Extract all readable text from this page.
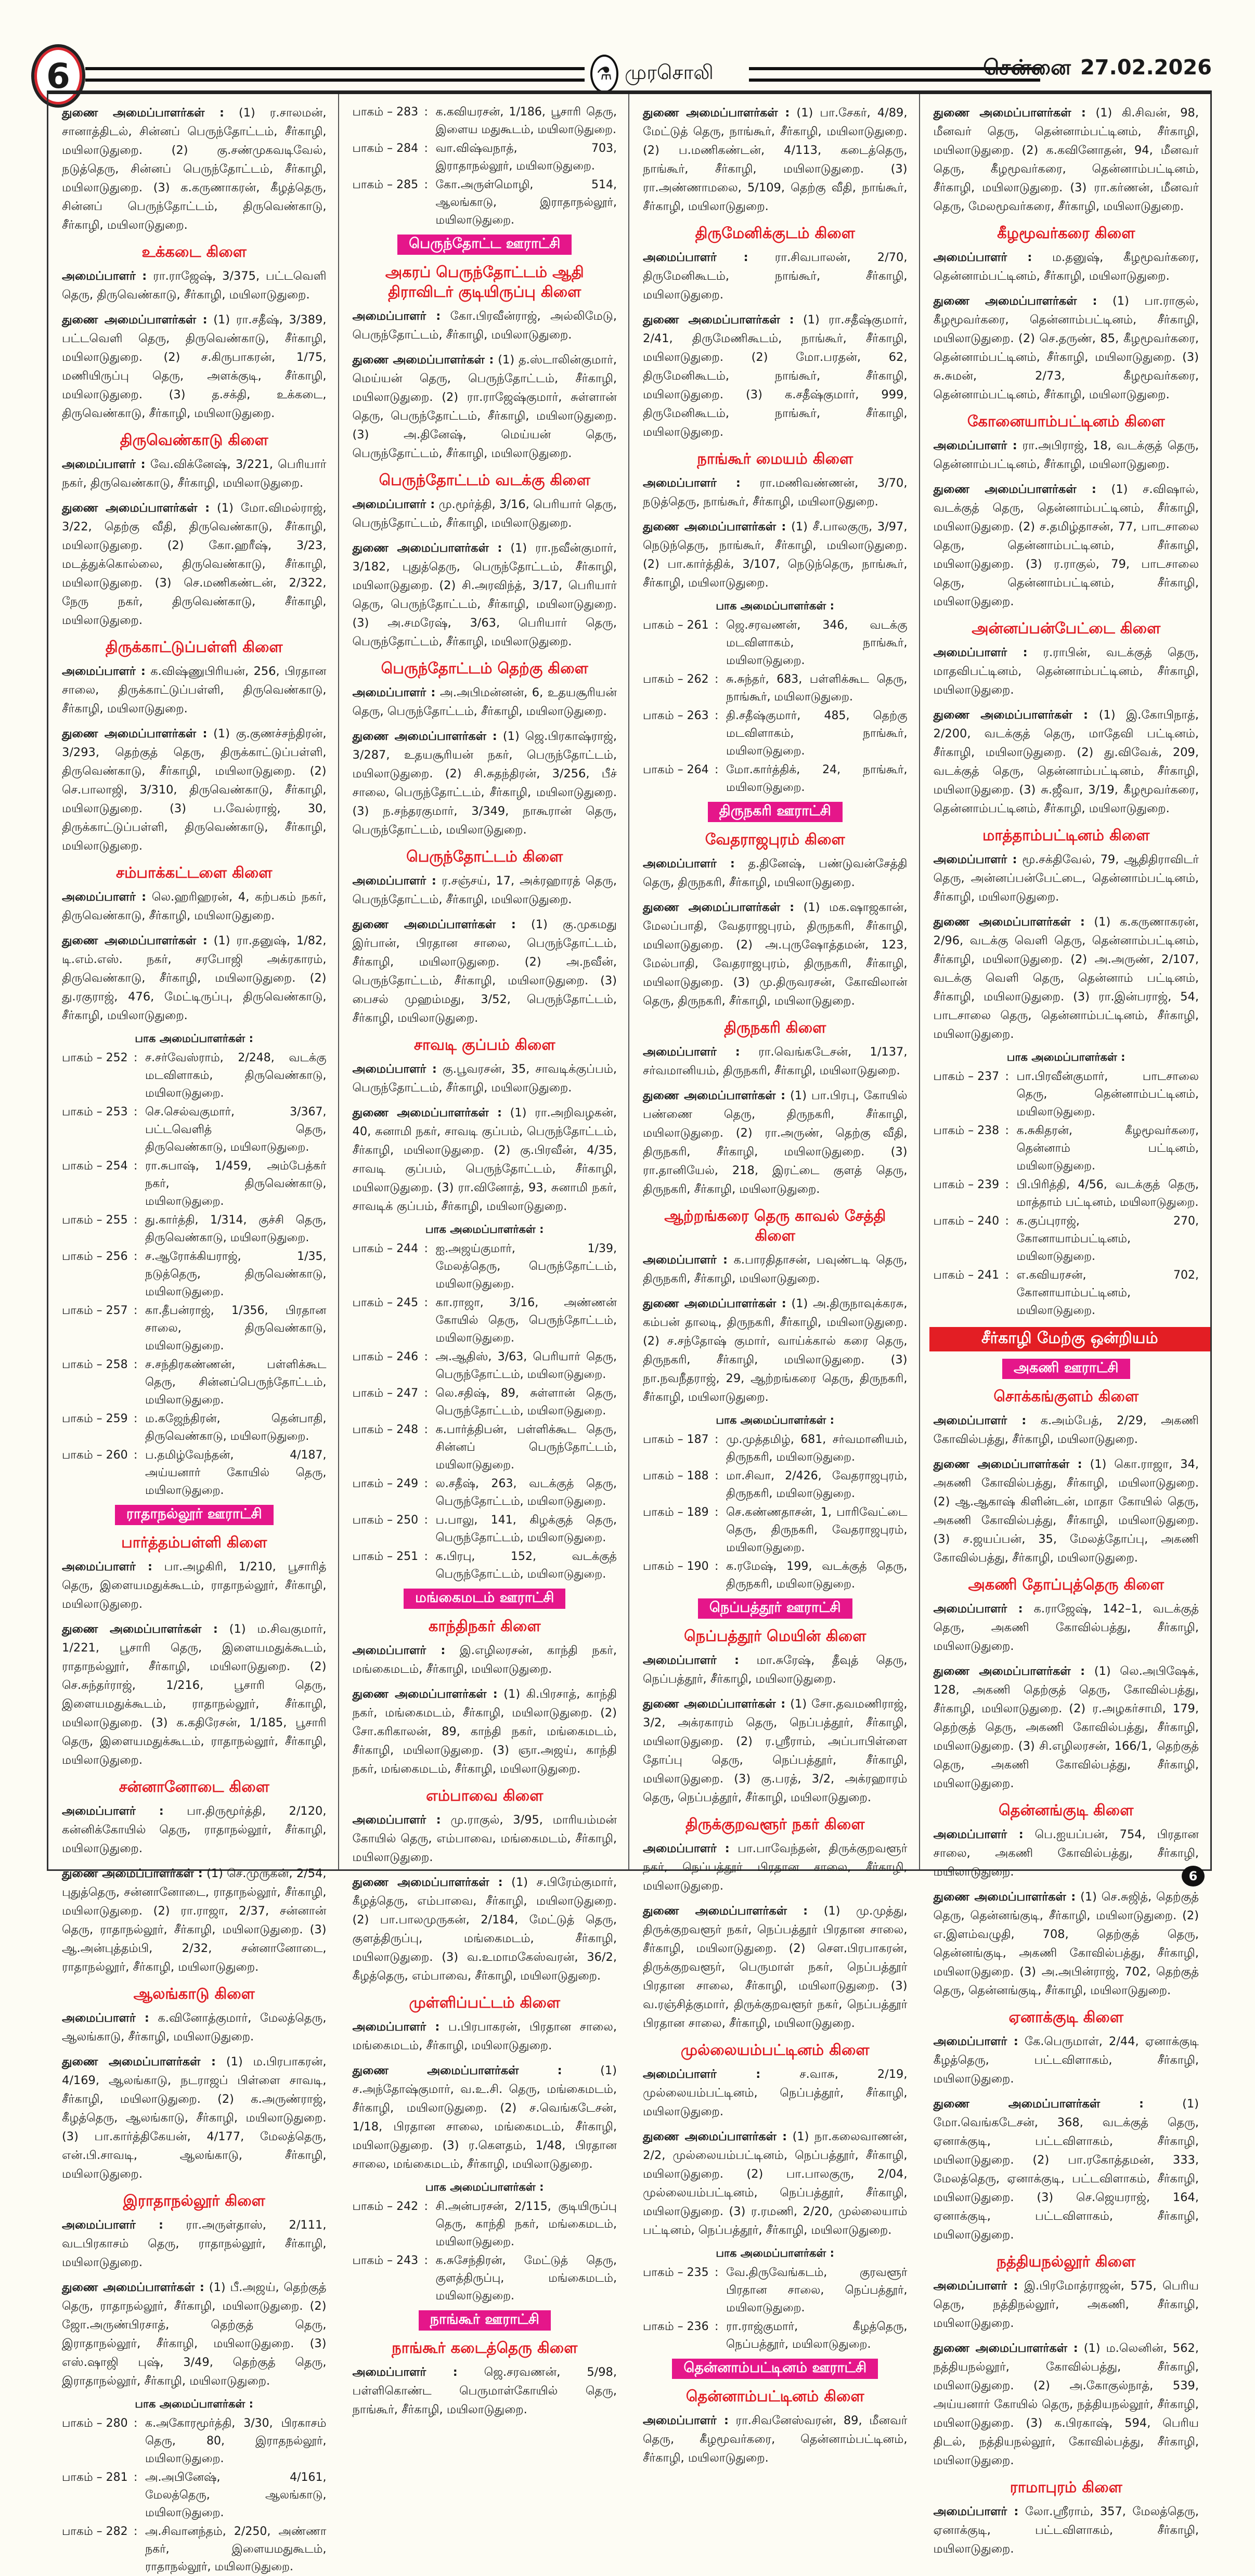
6	⚗ முரசொலி	சென்னை 27.02.2026
துணை அமைப்பாளர்கள் : (1) ர.சாலமன், சானாத்திடல், சின்னப் பெருந்தோட்டம், சீர்காழி, மயிலாடுதுறை. (2) கு.சண்முகவடிவேல், நடுத்தெரு, சின்னப் பெருந்தோட்டம், சீர்காழி, மயிலாடுதுறை. (3) க.கருணாகரன், கீழத்தெரு, சின்னப் பெருந்தோட்டம், திருவெண்காடு, சீர்காழி, மயிலாடுதுறை.
உக்கடை கிளை
அமைப்பாளர் : ரா.ராஜேஷ், 3/375, பட்டவெளி தெரு, திருவெண்காடு, சீர்காழி, மயிலாடுதுறை.
துணை அமைப்பாளர்கள் : (1) ரா.சதீஷ், 3/389, பட்டவெளி தெரு, திருவெண்காடு, சீர்காழி, மயிலாடுதுறை. (2) ச.கிருபாகரன், 1/75, மணியிருப்பு தெரு, அளக்குடி, சீர்காழி, மயிலாடுதுறை. (3) த.சக்தி, உக்கடை, திருவெண்காடு, சீர்காழி, மயிலாடுதுறை.
திருவெண்காடு கிளை
அமைப்பாளர் : வே.விக்னேஷ், 3/221, பெரியார் நகர், திருவெண்காடு, சீர்காழி, மயிலாடுதுறை.
துணை அமைப்பாளர்கள் : (1) மோ.விமல்ராஜ், 3/22, தெற்கு வீதி, திருவெண்காடு, சீர்காழி, மயிலாடுதுறை. (2) கோ.ஹரீஷ், 3/23, மடத்துக்கொல்லை, திருவெண்காடு, சீர்காழி, மயிலாடுதுறை. (3) செ.மணிகண்டன், 2/322, நேரு நகர், திருவெண்காடு, சீர்காழி, மயிலாடுதுறை.
திருக்காட்டுப்பள்ளி கிளை
அமைப்பாளர் : க.விஷ்ணுபிரியன், 256, பிரதான சாலை, திருக்காட்டுப்பள்ளி, திருவெண்காடு, சீர்காழி, மயிலாடுதுறை.
துணை அமைப்பாளர்கள் : (1) கு.குணச்சந்திரன், 3/293, தெற்குத் தெரு, திருக்காட்டுப்பள்ளி, திருவெண்காடு, சீர்காழி, மயிலாடுதுறை. (2) செ.பாலாஜி, 3/310, திருவெண்காடு, சீர்காழி, மயிலாடுதுறை. (3) ப.வேல்ராஜ், 30, திருக்காட்டுப்பள்ளி, திருவெண்காடு, சீர்காழி, மயிலாடுதுறை.
சம்பாக்கட்டளை கிளை
அமைப்பாளர் : லெ.ஹரிஹரன், 4, கற்பகம் நகர், திருவெண்காடு, சீர்காழி, மயிலாடுதுறை.
துணை அமைப்பாளர்கள் : (1) ரா.தனுஷ், 1/82, டி.எம்.எஸ். நகர், சரபோஜி அக்ரகாரம், திருவெண்காடு, சீர்காழி, மயிலாடுதுறை. (2) து.ரகுராஜ், 476, மேட்டிருப்பு, திருவெண்காடு, சீர்காழி, மயிலாடுதுறை.
பாக அமைப்பாளர்கள் :
பாகம் – 252 : ச.சர்வேஸ்ராம், 2/248, வடக்கு மடவிளாகம், திருவெண்காடு, மயிலாடுதுறை.
பாகம் – 253 : செ.செல்வகுமார், 3/367, பட்டவெளித் தெரு, திருவெண்காடு, மயிலாடுதுறை.
பாகம் – 254 : ரா.சுபாஷ், 1/459, அம்பேத்கர் நகர், திருவெண்காடு, மயிலாடுதுறை.
பாகம் – 255 : து.கார்த்தி, 1/314, குச்சி தெரு, திருவெண்காடு, மயிலாடுதுறை.
பாகம் – 256 : ச.ஆரோக்கியராஜ், 1/35, நடுத்தெரு, திருவெண்காடு, மயிலாடுதுறை.
பாகம் – 257 : கா.தீபன்ராஜ், 1/356, பிரதான சாலை, திருவெண்காடு, மயிலாடுதுறை.
பாகம் – 258 : ச.சந்திரகண்ணன், பள்ளிக்கூட தெரு, சின்னப்பெருந்தோட்டம், மயிலாடுதுறை.
பாகம் – 259 : ம.கஜேந்திரன், தென்பாதி, திருவெண்காடு, மயிலாடுதுறை.
பாகம் – 260 : ப.தமிழ்வேந்தன், 4/187, அய்யனார் கோயில் தெரு, மயிலாடுதுறை.
ராதாநல்லூர் ஊராட்சி
பார்த்தம்பள்ளி கிளை
அமைப்பாளர் : பா.அழகிரி, 1/210, பூசாரித் தெரு, இளையமதுக்கூடம், ராதாநல்லூர், சீர்காழி, மயிலாடுதுறை.
துணை அமைப்பாளர்கள் : (1) ம.சிவகுமார், 1/221, பூசாரி தெரு, இளையமதுக்கூடம், ராதாநல்லூர், சீர்காழி, மயிலாடுதுறை. (2) செ.சுந்தர்ராஜ், 1/216, பூசாரி தெரு, இளையமதுக்கூடம், ராதாநல்லூர், சீர்காழி, மயிலாடுதுறை. (3) க.கதிரேசன், 1/185, பூசாரி தெரு, இளையமதுக்கூடம், ராதாநல்லூர், சீர்காழி, மயிலாடுதுறை.
சன்னானோடை கிளை
அமைப்பாளர் : பா.திருமூர்த்தி, 2/120, கன்னிக்கோயில் தெரு, ராதாநல்லூர், சீர்காழி, மயிலாடுதுறை.
துணை அமைப்பாளர்கள் : (1) செ.முருகன், 2/54, புதுத்தெரு, சன்னானோடை, ராதாநல்லூர், சீர்காழி, மயிலாடுதுறை. (2) ரா.ராஜா, 2/37, சன்னான் தெரு, ராதாநல்லூர், சீர்காழி, மயிலாடுதுறை. (3) ஆ.அன்புத்தம்பி, 2/32, சன்னானோடை, ராதாநல்லூர், சீர்காழி, மயிலாடுதுறை.
ஆலங்காடு கிளை
அமைப்பாளர் : க.வினோத்குமார், மேலத்தெரு, ஆலங்காடு, சீர்காழி, மயிலாடுதுறை.
துணை அமைப்பாளர்கள் : (1) ம.பிரபாகரன், 4/169, ஆலங்காடு, நடராஜப் பிள்ளை சாவடி, சீர்காழி, மயிலாடுதுறை. (2) க.அருண்ராஜ், கீழத்தெரு, ஆலங்காடு, சீர்காழி, மயிலாடுதுறை. (3) பா.கார்த்திகேயன், 4/177, மேலத்தெரு, என்.பி.சாவடி, ஆலங்காடு, சீர்காழி, மயிலாடுதுறை.
இராதாநல்லூர் கிளை
அமைப்பாளர் : ரா.அருள்தாஸ், 2/111, வடபிரகாசம் தெரு, ராதாநல்லூர், சீர்காழி, மயிலாடுதுறை.
துணை அமைப்பாளர்கள் : (1) பீ.அஜய், தெற்குத் தெரு, ராதாநல்லூர், சீர்காழி, மயிலாடுதுறை. (2) ஜோ.அருண்பிரசாத், தெற்குத் தெரு, இராதாநல்லூர், சீர்காழி, மயிலாடுதுறை. (3) எஸ்.ஷாஜி புஷ், 3/49, தெற்குத் தெரு, இராதாநல்லூர், சீர்காழி, மயிலாடுதுறை.
பாக அமைப்பாளர்கள் :
பாகம் – 280 : க.அகோரமூர்த்தி, 3/30, பிரகாசம் தெரு, 80, இராதநல்லூர், மயிலாடுதுறை.
பாகம் – 281 : அ.அபினேஷ், 4/161, மேலத்தெரு, ஆலங்காடு, மயிலாடுதுறை.
பாகம் – 282 : அ.சிவானந்தம், 2/250, அண்ணா நகர், இளையமதுகூடம், ராதாநல்லூர், மயிலாடுதுறை.
பாகம் – 283 : க.கவியரசன், 1/186, பூசாரி தெரு, இளைய மதுகூடம், மயிலாடுதுறை.
பாகம் – 284 : வா.விஷ்வநாத், 703, இராதாநல்லூர், மயிலாடுதுறை.
பாகம் – 285 : கோ.அருள்மொழி, 514, ஆலங்காடு, இராதாநல்லூர், மயிலாடுதுறை.
பெருந்தோட்ட ஊராட்சி
அகரப் பெருந்தோட்டம் ஆதி திராவிடர் குடியிருப்பு கிளை
அமைப்பாளர் : கோ.பிரவீன்ராஜ், அல்லிமேடு, பெருந்தோட்டம், சீர்காழி, மயிலாடுதுறை.
துணை அமைப்பாளர்கள் : (1) த.ஸ்டாலின்குமார், மெய்யன் தெரு, பெருந்தோட்டம், சீர்காழி, மயிலாடுதுறை. (2) ரா.ராஜேஷ்குமார், சுள்ளான் தெரு, பெருந்தோட்டம், சீர்காழி, மயிலாடுதுறை. (3) அ.தினேஷ், மெய்யன் தெரு, பெருந்தோட்டம், சீர்காழி, மயிலாடுதுறை.
பெருந்தோட்டம் வடக்கு கிளை
அமைப்பாளர் : மு.மூர்த்தி, 3/16, பெரியார் தெரு, பெருந்தோட்டம், சீர்காழி, மயிலாடுதுறை.
துணை அமைப்பாளர்கள் : (1) ரா.நவீன்குமார், 3/182, புதுத்தெரு, பெருந்தோட்டம், சீர்காழி, மயிலாடுதுறை. (2) சி.அரவிந்த், 3/17, பெரியார் தெரு, பெருந்தோட்டம், சீர்காழி, மயிலாடுதுறை. (3) அ.சமரேஷ், 3/63, பெரியார் தெரு, பெருந்தோட்டம், சீர்காழி, மயிலாடுதுறை.
பெருந்தோட்டம் தெற்கு கிளை
அமைப்பாளர் : அ.அபிமன்னன், 6, உதயசூரியன் தெரு, பெருந்தோட்டம், சீர்காழி, மயிலாடுதுறை.
துணை அமைப்பாளர்கள் : (1) ஜெ.பிரகாஷ்ராஜ், 3/287, உதயசூரியன் நகர், பெருந்தோட்டம், மயிலாடுதுறை. (2) சி.சுதந்திரன், 3/256, பீச் சாலை, பெருந்தோட்டம், சீர்காழி, மயிலாடுதுறை. (3) ந.சந்தரகுமார், 3/349, நாகூரான் தெரு, பெருந்தோட்டம், மயிலாடுதுறை.
பெருந்தோட்டம் கிளை
அமைப்பாளர் : ர.சஞ்சய், 17, அக்ரஹாரத் தெரு, பெருந்தோட்டம், சீர்காழி, மயிலாடுதுறை.
துணை அமைப்பாளர்கள் : (1) கு.முகமது இர்பான், பிரதான சாலை, பெருந்தோட்டம், சீர்காழி, மயிலாடுதுறை. (2) அ.நவீன், பெருந்தோட்டம், சீர்காழி, மயிலாடுதுறை. (3) பைசல் முஹம்மது, 3/52, பெருந்தோட்டம், சீர்காழி, மயிலாடுதுறை.
சாவடி குப்பம் கிளை
அமைப்பாளர் : கு.பூவரசன், 35, சாவடிக்குப்பம், பெருந்தோட்டம், சீர்காழி, மயிலாடுதுறை.
துணை அமைப்பாளர்கள் : (1) ரா.அறிவழகன், 40, சுனாமி நகர், சாவடி குப்பம், பெருந்தோட்டம், சீர்காழி, மயிலாடுதுறை. (2) கு.பிரவீன், 4/35, சாவடி குப்பம், பெருந்தோட்டம், சீர்காழி, மயிலாடுதுறை. (3) ரா.வினோத், 93, சுனாமி நகர், சாவடிக் குப்பம், சீர்காழி, மயிலாடுதுறை.
பாக அமைப்பாளர்கள் :
பாகம் – 244 : ஐ.அஜய்குமார், 1/39, மேலத்தெரு, பெருந்தோட்டம், மயிலாடுதுறை.
பாகம் – 245 : கா.ராஜா, 3/16, அண்ணன் கோயில் தெரு, பெருந்தோட்டம், மயிலாடுதுறை.
பாகம் – 246 : அ.ஆதிஸ், 3/63, பெரியார் தெரு, பெருந்தோட்டம், மயிலாடுதுறை.
பாகம் – 247 : லெ.சதிஷ், 89, சுள்ளான் தெரு, பெருந்தோட்டம், மயிலாடுதுறை.
பாகம் – 248 : க.பார்த்திபன், பள்ளிக்கூட தெரு, சின்னப் பெருந்தோட்டம், மயிலாடுதுறை.
பாகம் – 249 : ல.சதீஷ், 263, வடக்குத் தெரு, பெருந்தோட்டம், மயிலாடுதுறை.
பாகம் – 250 : ப.பாலு, 141, கிழக்குத் தெரு, பெருந்தோட்டம், மயிலாடுதுறை.
பாகம் – 251 : க.பிரபு, 152, வடக்குத் பெருந்தோட்டம், மயிலாடுதுறை.
மங்கைமடம் ஊராட்சி
காந்திநகர் கிளை
அமைப்பாளர் : இ.எழிலரசன், காந்தி நகர், மங்கைமடம், சீர்காழி, மயிலாடுதுறை.
துணை அமைப்பாளர்கள் : (1) கி.பிரசாத், காந்தி நகர், மங்கைமடம், சீர்காழி, மயிலாடுதுறை. (2) சோ.கரிகாலன், 89, காந்தி நகர், மங்கைமடம், சீர்காழி, மயிலாடுதுறை. (3) ஞா.அஜய், காந்தி நகர், மங்கைமடம், சீர்காழி, மயிலாடுதுறை.
எம்பாவை கிளை
அமைப்பாளர் : மு.ராகுல், 3/95, மாரியம்மன் கோயில் தெரு, எம்பாவை, மங்கைமடம், சீர்காழி, மயிலாடுதுறை.
துணை அமைப்பாளர்கள் : (1) ச.பிரேம்குமார், கீழத்தெரு, எம்பாவை, சீர்காழி, மயிலாடுதுறை. (2) பா.பாலமுருகன், 2/184, மேட்டுத் தெரு, குளத்திருப்பு, மங்கைமடம், சீர்காழி, மயிலாடுதுறை. (3) வ.உமாமகேஸ்வரன், 36/2, கீழத்தெரு, எம்பாவை, சீர்காழி, மயிலாடுதுறை.
முள்ளிப்பட்டம் கிளை
அமைப்பாளர் : ப.பிரபாகரன், பிரதான சாலை, மங்கைமடம், சீர்காழி, மயிலாடுதுறை.
துணை அமைப்பாளர்கள் :	(1) ச.அந்தோஷ்குமார், வ.உ.சி. தெரு, மங்கைமடம், சீர்காழி, மயிலாடுதுறை. (2) ச.வெங்கடேசன், 1/18, பிரதான சாலை, மங்கைமடம், சீர்காழி, மயிலாடுதுறை. (3) ர.கௌதம், 1/48, பிரதான சாலை, மங்கைமடம், சீர்காழி, மயிலாடுதுறை.
பாக அமைப்பாளர்கள் :
பாகம் – 242 : சி.அன்பரசன், 2/115, குடியிருப்பு தெரு, காந்தி நகர், மங்கைமடம், மயிலாடுதுறை.
பாகம் – 243 : க.சுசேந்திரன், மேட்டுத் தெரு, குளத்திருப்பு, மங்கைமடம், மயிலாடுதுறை.
நாங்கூர் ஊராட்சி
நாங்கூர் கடைத்தெரு கிளை
அமைப்பாளர் : ஜெ.சரவணன், 5/98, பள்ளிகொண்ட பெருமாள்கோயில் தெரு, நாங்கூர், சீர்காழி, மயிலாடுதுறை.
துணை அமைப்பாளர்கள் : (1) பா.சேகர், 4/89, மேட்டுத் தெரு, நாங்கூர், சீர்காழி, மயிலாடுதுறை. (2) ப.மணிகண்டன், 4/113, கடைத்தெரு, நாங்கூர், சீர்காழி, மயிலாடுதுறை. (3) ரா.அண்ணாமலை, 5/109, தெற்கு வீதி, நாங்கூர், சீர்காழி, மயிலாடுதுறை.
திருமேனிக்குடம் கிளை
அமைப்பாளர் : ரா.சிவபாலன், 2/70, திருமேனிகூடம், நாங்கூர், சீர்காழி, மயிலாடுதுறை.
துணை அமைப்பாளர்கள் : (1) ரா.சதீஷ்குமார், 2/41, திருமேணிகூடம், நாங்கூர், சீர்காழி, மயிலாடுதுறை. (2) மோ.பரதன், 62, திருமேனிகூடம், நாங்கூர், சீர்காழி, மயிலாடுதுறை. (3) க.சதீஷ்குமார், 999, திருமேனிகூடம், நாங்கூர், சீர்காழி, மயிலாடுதுறை.
நாங்கூர் மையம் கிளை
அமைப்பாளர் : ரா.மணிவண்ணன், 3/70, நடுத்தெரு, நாங்கூர், சீர்காழி, மயிலாடுதுறை.
துணை அமைப்பாளர்கள் : (1) சீ.பாலகுரு, 3/97, நெடுந்தெரு, நாங்கூர், சீர்காழி, மயிலாடுதுறை. (2) பா.கார்த்திக், 3/107, நெடுந்தெரு, நாங்கூர், சீர்காழி, மயிலாடுதுறை.
பாக அமைப்பாளர்கள் :
பாகம் – 261 : ஜெ.சரவணன், 346, வடக்கு மடவிளாகம், நாங்கூர், மயிலாடுதுறை.
பாகம் – 262 : சு.சுந்தர், 683, பள்ளிக்கூட தெரு, நாங்கூர், மயிலாடுதுறை.
பாகம் – 263 : தி.சதீஷ்குமார், 485, தெற்கு மடவிளாகம், நாங்கூர், மயிலாடுதுறை.
பாகம் – 264 : மோ.கார்த்திக், 24, நாங்கூர், மயிலாடுதுறை.
திருநகரி ஊராட்சி
வேதராஜபுரம் கிளை
அமைப்பாளர் : த.தினேஷ், பண்டுவன்சேத்தி தெரு, திருநகரி, சீர்காழி, மயிலாடுதுறை.
துணை அமைப்பாளர்கள் : (1) மக.ஷாஜகான், மேலப்பாதி, வேதராஜபுரம், திருநகரி, சீர்காழி, மயிலாடுதுறை. (2) அ.புருஷோத்தமன், 123, மேல்பாதி, வேதராஜபுரம், திருநகரி, சீர்காழி, மயிலாடுதுறை. (3) மு.திருவரசன், கோவிலான் தெரு, திருநகரி, சீர்காழி, மயிலாடுதுறை.
திருநகரி கிளை
அமைப்பாளர் : ரா.வெங்கடேசன், 1/137, சர்வமானியம், திருநகரி, சீர்காழி, மயிலாடுதுறை.
துணை அமைப்பாளர்கள் : (1) பா.பிரபு, கோயில் பண்ணை தெரு, திருநகரி, சீர்காழி, மயிலாடுதுறை. (2) ரா.அருண், தெற்கு வீதி, திருநகரி, சீர்காழி, மயிலாடுதுறை. (3) ரா.தானியேல், 218, இரட்டை குளத் தெரு, திருநகரி, சீர்காழி, மயிலாடுதுறை.
ஆற்றங்கரை தெரு காவல் சேத்தி கிளை
அமைப்பாளர் : க.பாரதிதாசன், பவுண்டடி தெரு, திருநகரி, சீர்காழி, மயிலாடுதுறை.
துணை அமைப்பாளர்கள் : (1) அ.திருநாவுக்கரசு, கம்பன் தாலடி, திருநகரி, சீர்காழி, மயிலாடுதுறை. (2) ச.சந்தோஷ் குமார், வாய்க்கால் கரை தெரு, திருநகரி, சீர்காழி, மயிலாடுதுறை. (3) நா.நவநீதராஜ், 29, ஆற்றங்கரை தெரு, திருநகரி, சீர்காழி, மயிலாடுதுறை.
பாக அமைப்பாளர்கள் :
பாகம் – 187 : மு.முத்தமிழ், 681, சர்வமானியம், திருநகரி, மயிலாடுதுறை.
பாகம் – 188 : மா.சிவா, 2/426, வேதராஜபுரம், திருநகரி, மயிலாடுதுறை.
பாகம் – 189 : செ.கண்ணதாசன், 1, பாரிவேட்டை தெரு, திருநகரி, வேதராஜபுரம், மயிலாடுதுறை.
பாகம் – 190 : க.ரமேஷ், 199, வடக்குத் தெரு, திருநகரி, மயிலாடுதுறை.
நெப்பத்தூர் ஊராட்சி
நெப்பத்தூர் மெயின் கிளை
அமைப்பாளர் : மா.சுரேஷ், தீவுத் தெரு, நெப்பத்தூர், சீர்காழி, மயிலாடுதுறை.
துணை அமைப்பாளர்கள் : (1) சோ.தவமணிராஜ், 3/2, அக்ரகாரம் தெரு, நெப்பத்தூர், சீர்காழி, மயிலாடுதுறை. (2) ர.ஸ்ரீராம், அப்பாபிள்ளை தோப்பு தெரு, நெப்பத்தூர், சீர்காழி, மயிலாடுதுறை. (3) கு.பரத், 3/2, அக்ரஹாரம் தெரு, நெப்பத்தூர், சீர்காழி, மயிலாடுதுறை.
திருக்குறவளூர் நகர் கிளை
அமைப்பாளர் : பா.பாவேந்தன், திருக்குறவளூர் நகர், நெப்பத்தூர் பிரதான சாலை, சீர்காழி, மயிலாடுதுறை.
துணை அமைப்பாளர்கள் : (1) மு.முத்து, திருக்குறவளூர் நகர், நெப்பத்தூர் பிரதான சாலை, சீர்காழி, மயிலாடுதுறை. (2) சௌ.பிரபாகரன், திருக்குறவளூர், பெருமாள் நகர், நெப்பத்தூர் பிரதான சாலை, சீர்காழி, மயிலாடுதுறை. (3) வ.ரஞ்சித்குமார், திருக்குறவளூர் நகர், நெப்பத்தூர் பிரதான சாலை, சீர்காழி, மயிலாடுதுறை.
முல்லையம்பட்டினம் கிளை
அமைப்பாளர் :	ச.வாசு, 2/19, முல்லையம்பட்டினம், நெப்பத்தூர், சீர்காழி, மயிலாடுதுறை.
துணை அமைப்பாளர்கள் : (1) நா.கலைவாணன், 2/2, முல்லையம்பட்டினம், நெப்பத்தூர், சீர்காழி, மயிலாடுதுறை. (2) பா.பாலகுரு, 2/04, முல்லையம்பட்டினம், நெப்பத்தூர், சீர்காழி, மயிலாடுதுறை. (3) ர.ரமணி, 2/20, முல்லையாம் பட்டினம், நெப்பத்தூர், சீர்காழி, மயிலாடுதுறை.
பாக அமைப்பாளர்கள் :
பாகம் – 235 : வே.திருவேங்கடம், குரவளூர் பிரதான சாலை, நெப்பத்தூர், மயிலாடுதுறை.
பாகம் – 236 : ரா.ராஜ்குமார், கீழத்தெரு, நெப்பத்தூர், மயிலாடுதுறை.
தென்னாம்பட்டினம் ஊராட்சி
தென்னாம்பட்டினம் கிளை
அமைப்பாளர் : ரா.சிவனேஸ்வரன், 89, மீனவர் தெரு, கீழமூவர்கரை, தென்னாம்பட்டினம், சீர்காழி, மயிலாடுதுறை.
துணை அமைப்பாளர்கள் : (1) கி.சிவன், 98, மீனவர் தெரு, தென்னாம்பட்டினம், சீர்காழி, மயிலாடுதுறை. (2) க.கவினோதன், 94, மீனவர் தெரு, கீழமூவர்கரை, தென்னாம்பட்டினம், சீர்காழி, மயிலாடுதுறை. (3) ரா.கர்ணன், மீனவர் தெரு, மேலமூவர்கரை, சீர்காழி, மயிலாடுதுறை.
கீழமூவர்கரை கிளை
அமைப்பாளர் : ம.தனுஷ், கீழமூவர்கரை, தென்னாம்பட்டினம், சீர்காழி, மயிலாடுதுறை.
துணை அமைப்பாளர்கள் : (1) பா.ராகுல், கீழமூவர்கரை, தென்னாம்பட்டினம், சீர்காழி, மயிலாடுதுறை. (2) செ.தருண், 85, கீழமூவர்கரை, தென்னாம்பட்டினம், சீர்காழி, மயிலாடுதுறை. (3) சு.சுமன், 2/73, கீழமூவர்கரை, தென்னாம்பட்டினம், சீர்காழி, மயிலாடுதுறை.
கோனையாம்பட்டினம் கிளை
அமைப்பாளர் : ரா.அபிராஜ், 18, வடக்குத் தெரு, தென்னாம்பட்டினம், சீர்காழி, மயிலாடுதுறை.
துணை அமைப்பாளர்கள் : (1) ச.விஷால், வடக்குத் தெரு, தென்னாம்பட்டினம், சீர்காழி, மயிலாடுதுறை. (2) ச.தமிழ்தாசன், 77, பாடசாலை தெரு, தென்னாம்பட்டினம், சீர்காழி, மயிலாடுதுறை. (3) ர.ராகுல், 79, பாடசாலை தெரு, தென்னாம்பட்டினம், சீர்காழி, மயிலாடுதுறை.
அன்னப்பன்பேட்டை கிளை
அமைப்பாளர் : ர.ராபின், வடக்குத் தெரு, மாதவிபட்டினம், தென்னாம்பட்டினம், சீர்காழி, மயிலாடுதுறை.
துணை அமைப்பாளர்கள் : (1) இ.கோபிநாத், 2/200, வடக்குத் தெரு, மாதேவி பட்டினம், சீர்காழி, மயிலாடுதுறை. (2) து.விவேக், 209, வடக்குத் தெரு, தென்னாம்பட்டினம், சீர்காழி, மயிலாடுதுறை. (3) சு.ஜீவா, 3/19, கீழமூவர்கரை, தென்னாம்பட்டினம், சீர்காழி, மயிலாடுதுறை.
மாத்தாம்பட்டினம் கிளை
அமைப்பாளர் : மூ.சக்திவேல், 79, ஆதிதிராவிடர் தெரு, அன்னப்பன்பேட்டை, தென்னாம்பட்டினம், சீர்காழி, மயிலாடுதுறை.
துணை அமைப்பாளர்கள் : (1) க.கருணாகரன், 2/96, வடக்கு வெளி தெரு, தென்னாம்பட்டினம், சீர்காழி, மயிலாடுதுறை. (2) அ.அருண், 2/107, வடக்கு வெளி தெரு, தென்னாம் பட்டினம், சீர்காழி, மயிலாடுதுறை. (3) ரா.இன்பராஜ், 54, பாடசாலை தெரு, தென்னாம்பட்டினம், சீர்காழி, மயிலாடுதுறை.
பாக அமைப்பாளர்கள் :
பாகம் – 237 : பா.பிரவீன்குமார், பாடசாலை தெரு, தென்னாம்பட்டினம், மயிலாடுதுறை.
பாகம் – 238 : க.சுகிதரன், கீழமூவர்கரை, தென்னாம் பட்டினம், மயிலாடுதுறை.
பாகம் – 239 : பி.பிரித்தி, 4/56, வடக்குத் தெரு, மாத்தாம் பட்டினம், மயிலாடுதுறை.
பாகம் – 240 : க.குப்புராஜ், 270, கோனாயாம்பட்டினம், மயிலாடுதுறை.
பாகம் – 241 : எ.கவியரசன், 702, கோனாயாம்பட்டினம், மயிலாடுதுறை.
சீர்காழி மேற்கு ஒன்றியம்
அகணி ஊராட்சி
சொக்கங்குளம் கிளை
அமைப்பாளர் : க.அம்பேத், 2/29, அகணி கோவில்பத்து, சீர்காழி, மயிலாடுதுறை.
துணை அமைப்பாளர்கள் : (1) கொ.ராஜா, 34, அகணி கோவில்பத்து, சீர்காழி, மயிலாடுதுறை. (2) ஆ.ஆகாஷ் கிளின்டன், மாதா கோயில் தெரு, அகணி கோவில்பத்து, சீர்காழி, மயிலாடுதுறை. (3) ச.ஜயப்பன், 35, மேலத்தோப்பு, அகணி கோவில்பத்து, சீர்காழி, மயிலாடுதுறை.
அகணி தோப்புத்தெரு கிளை
அமைப்பாளர் : க.ராஜேஷ், 142–1, வடக்குத் தெரு, அகணி கோவில்பத்து, சீர்காழி, மயிலாடுதுறை.
துணை அமைப்பாளர்கள் : (1) லெ.அபிஷேக், 128, அகணி தெற்குத் தெரு, கோவில்பத்து, சீர்காழி, மயிலாடுதுறை. (2) ர.அழகர்சாமி, 179, தெற்குத் தெரு, அகணி கோவில்பத்து, சீர்காழி, மயிலாடுதுறை. (3) சி.எழிலரசன், 166/1, தெற்குத் தெரு, அகணி கோவில்பத்து, சீர்காழி, மயிலாடுதுறை.
தென்னங்குடி கிளை
அமைப்பாளர் : பெ.ஐயப்பன், 754, பிரதான சாலை, அகணி கோவில்பத்து, சீர்காழி, மயிலாடுதுறை.
துணை அமைப்பாளர்கள் : (1) செ.சுஜித், தெற்குத் தெரு, தென்னங்குடி, சீர்காழி, மயிலாடுதுறை. (2) எ.இளம்வழுதி, 708, தெற்குத் தெரு, தென்னங்குடி, அகணி கோவில்பத்து, சீர்காழி, மயிலாடுதுறை. (3) அ.அபின்ராஜ், 702, தெற்குத் தெரு, தென்னங்குடி, சீர்காழி, மயிலாடுதுறை.
ஏனாக்குடி கிளை
அமைப்பாளர் : கே.பெருமாள், 2/44, ஏனாக்குடி கீழத்தெரு, பட்டவிளாகம், சீர்காழி, மயிலாடுதுறை.
துணை அமைப்பாளர்கள் :	(1) மோ.வெங்கடேசன், 368, வடக்குத் தெரு, ஏனாக்குடி, பட்டவிளாகம், சீர்காழி, மயிலாடுதுறை. (2) பா.ரகோத்தமன், 333, மேலத்தெரு, ஏனாக்குடி, பட்டவிளாகம், சீர்காழி, மயிலாடுதுறை. (3) செ.ஜெயராஜ், 164, ஏனாக்குடி, பட்டவிளாகம், சீர்காழி, மயிலாடுதுறை.
நத்தியநல்லூர் கிளை
அமைப்பாளர் : இ.பிரமோத்ராஜன், 575, பெரிய தெரு, நத்திநல்லூர், அகணி, சீர்காழி, மயிலாடுதுறை.
துணை அமைப்பாளர்கள் : (1) ம.லெனின், 562, நத்தியநல்லூர், கோவில்பத்து, சீர்காழி, மயிலாடுதுறை. (2) அ.கோகுல்நாத், 539, அய்யனார் கோயில் தெரு, நத்தியநல்லூர், சீர்காழி, மயிலாடுதுறை. (3) க.பிரகாஷ், 594, பெரிய திடல், நத்தியநல்லூர், கோவில்பத்து, சீர்காழி, மயிலாடுதுறை.
ராமாபுரம் கிளை
அமைப்பாளர் : லோ.ஸ்ரீராம், 357, மேலத்தெரு, ஏனாக்குடி, பட்டவிளாகம், சீர்காழி, மயிலாடுதுறை.
6
